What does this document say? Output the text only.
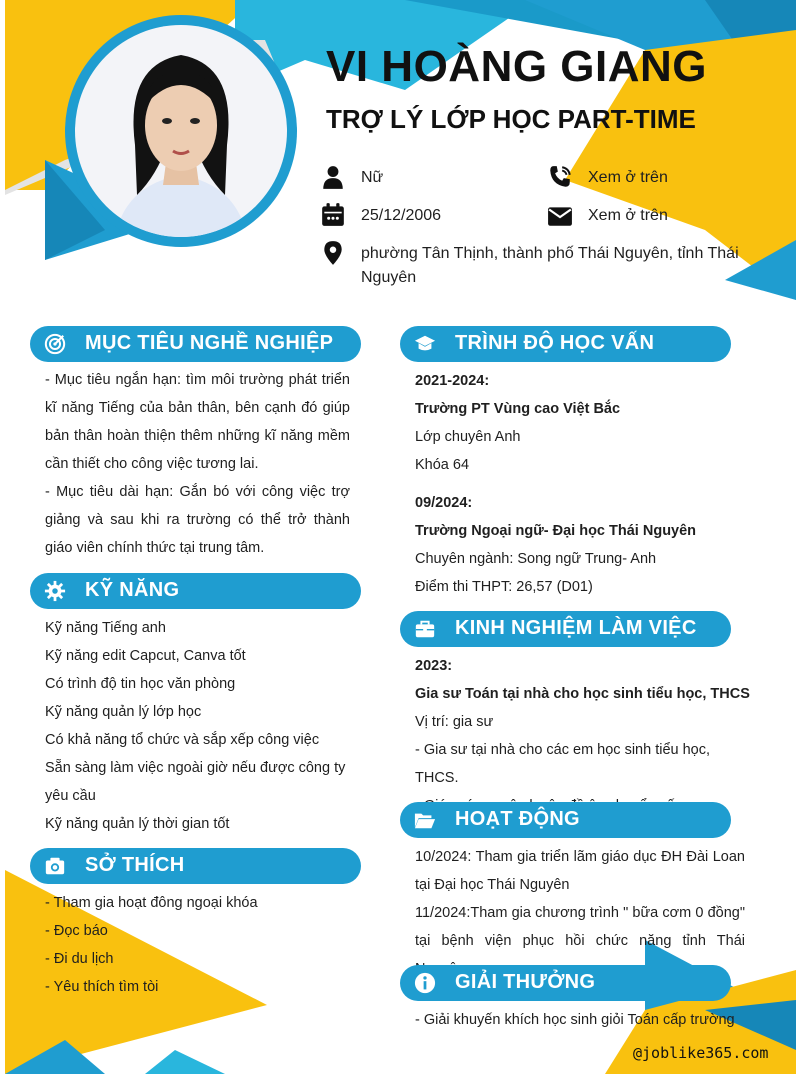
VI HOÀNG GIANG
TRỢ LÝ LỚP HỌC PART-TIME
Nữ	Xem ở trên
25/12/2006	Xem ở trên
phường Tân Thịnh, thành phố Thái Nguyên, tỉnh Thái Nguyên
MỤC TIÊU NGHỀ NGHIỆP

- Mục tiêu ngắn hạn: tìm môi trường phát triển kĩ năng Tiếng của bản thân, bên cạnh đó giúp bản thân hoàn thiện thêm những kĩ năng mềm cần thiết cho công việc tương lai.

- Mục tiêu dài hạn: Gắn bó với công việc trợ giảng và sau khi ra trường có thể trở thành giáo viên chính thức tại trung tâm.

KỸ NĂNG

Kỹ năng Tiếng anh

Kỹ năng edit Capcut, Canva tốt

Có trình độ tin học văn phòng

Kỹ năng quản lý lớp học

Có khả năng tổ chức và sắp xếp công việc

Sẵn sàng làm việc ngoài giờ nếu được công ty yêu cầu

Kỹ năng quản lý thời gian tốt

SỞ THÍCH

- Tham gia hoạt đông ngoại khóa

- Đọc báo

- Đi du lịch

- Yêu thích tìm tòi

TRÌNH ĐỘ HỌC VẤN

2021-2024:

Trường PT Vùng cao Việt Bắc

Lớp chuyên Anh

Khóa 64

09/2024:

Trường Ngoại ngữ- Đại học Thái Nguyên

Chuyên ngành: Song ngữ Trung- Anh

Điểm thi THPT: 26,57 (D01)

KINH NGHIỆM LÀM VIỆC

2023:

Gia sư Toán tại nhà cho học sinh tiểu học, THCS

Vị trí: gia sư

- Gia sư tại nhà cho các em học sinh tiểu học, THCS.

HOẠT ĐỘNG

10/2024: Tham gia triển lãm giáo dục ĐH Đài Loan tại Đại học Thái Nguyên

11/2024:Tham gia chương trình " bữa cơm 0 đồng" tại bệnh viện phục hồi chức năng tỉnh Thái

GIẢI THƯỞNG

- Giải khuyến khích học sinh giỏi Toán cấp trường

@joblike365.com
